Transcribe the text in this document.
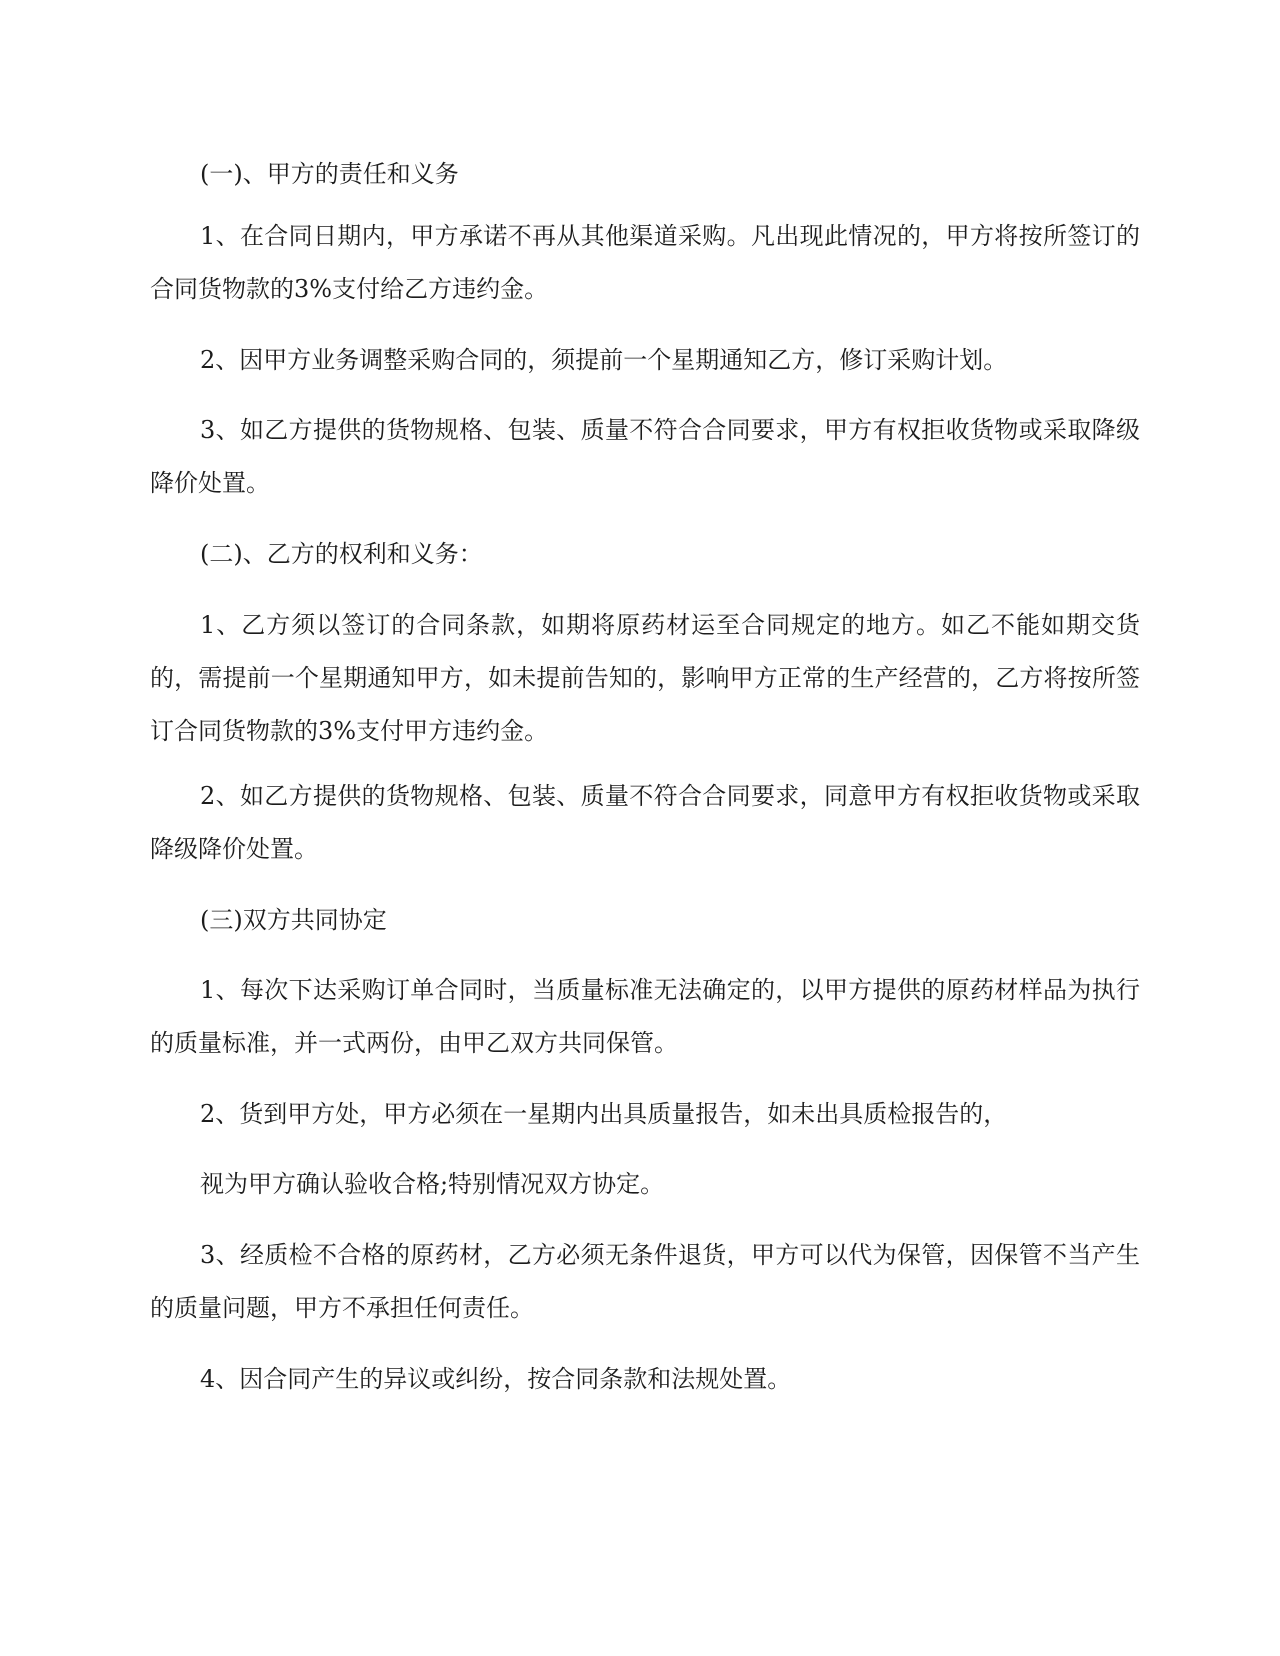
(一)、甲方的责任和义务

1、在合同日期内，甲方承诺不再从其他渠道采购。凡出现此情况的，甲方将按所签订的合同货物款的3%支付给乙方违约金。

2、因甲方业务调整采购合同的，须提前一个星期通知乙方，修订采购计划。

3、如乙方提供的货物规格、包装、质量不符合合同要求，甲方有权拒收货物或采取降级降价处置。

(二)、乙方的权利和义务：

1、乙方须以签订的合同条款，如期将原药材运至合同规定的地方。如乙不能如期交货的，需提前一个星期通知甲方，如未提前告知的，影响甲方正常的生产经营的，乙方将按所签订合同货物款的3%支付甲方违约金。

2、如乙方提供的货物规格、包装、质量不符合合同要求，同意甲方有权拒收货物或采取降级降价处置。

(三)双方共同协定

1、每次下达采购订单合同时，当质量标准无法确定的，以甲方提供的原药材样品为执行的质量标准，并一式两份，由甲乙双方共同保管。

2、货到甲方处，甲方必须在一星期内出具质量报告，如未出具质检报告的，

视为甲方确认验收合格;特别情况双方协定。

3、经质检不合格的原药材，乙方必须无条件退货，甲方可以代为保管，因保管不当产生的质量问题，甲方不承担任何责任。

4、因合同产生的异议或纠纷，按合同条款和法规处置。
